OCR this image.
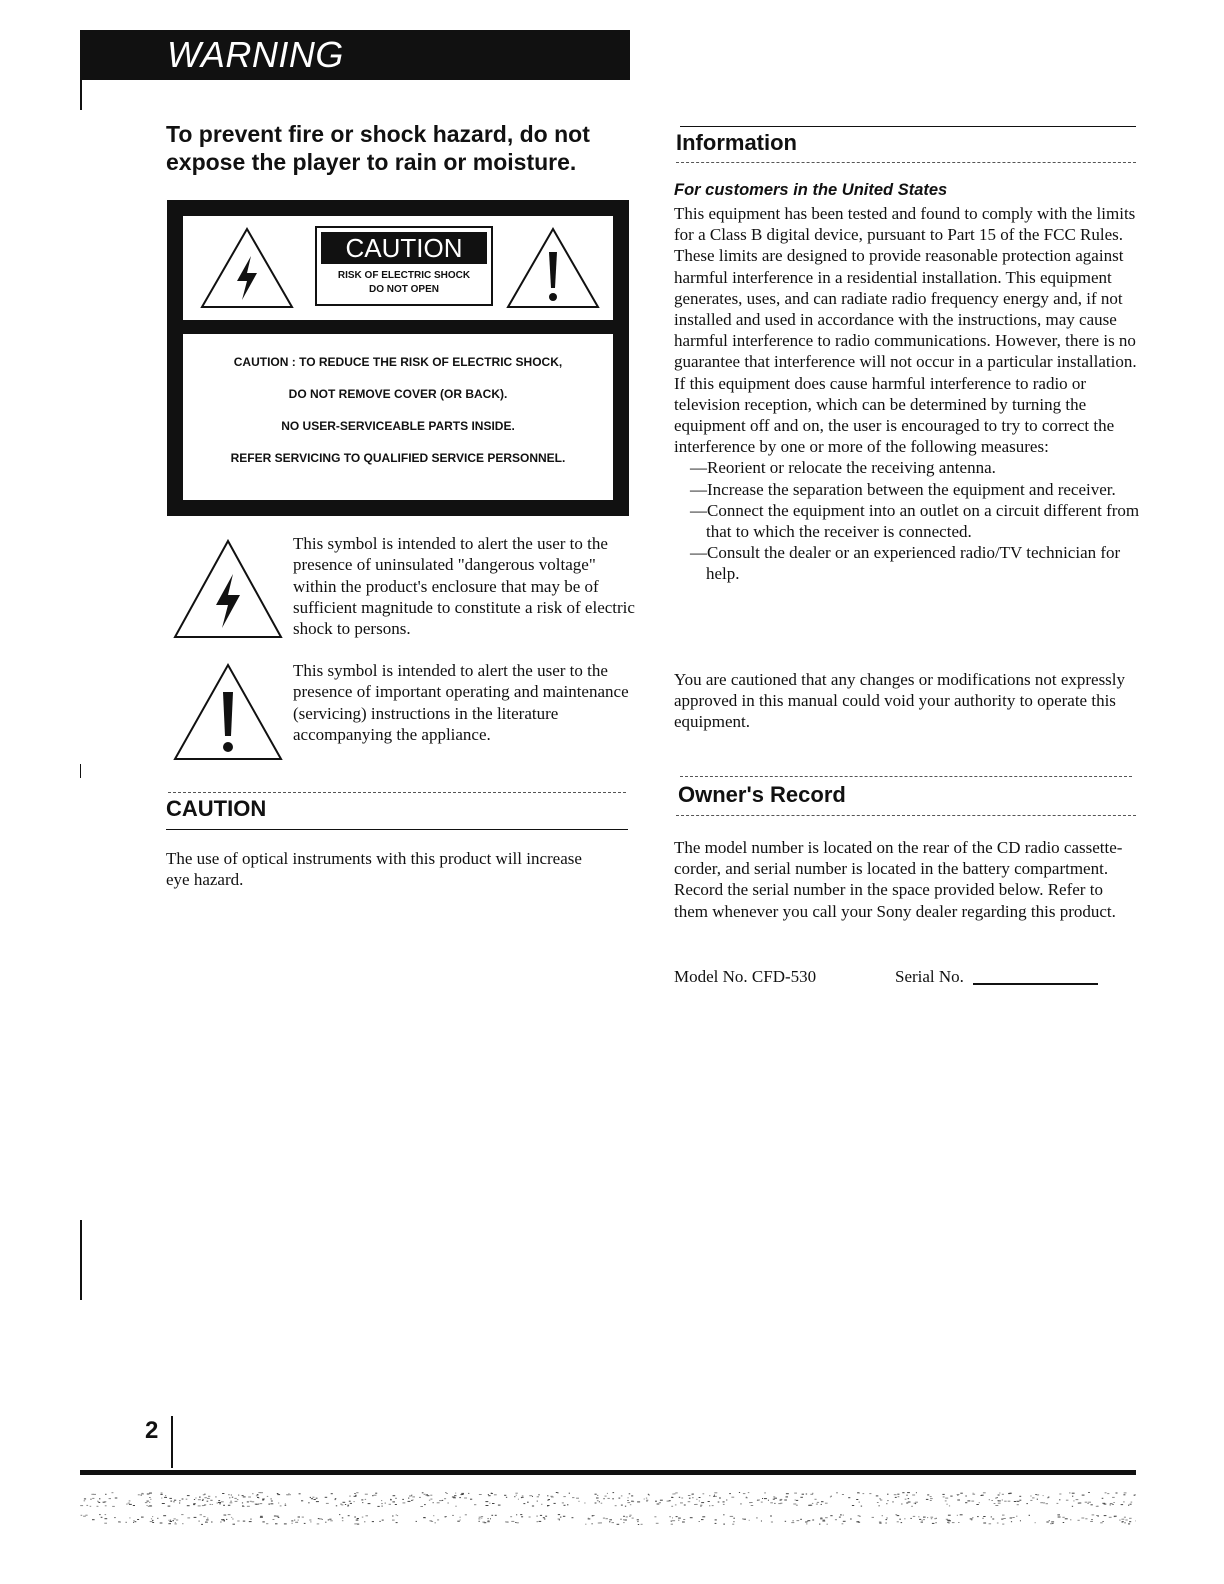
WARNING
To prevent fire or shock hazard, do not expose the player to rain or moisture.
CAUTION
RISK OF ELECTRIC SHOCK
DO NOT OPEN
CAUTION : TO REDUCE THE RISK OF ELECTRIC SHOCK,
DO NOT REMOVE COVER (OR BACK).
NO USER-SERVICEABLE PARTS INSIDE.
REFER SERVICING TO QUALIFIED SERVICE PERSONNEL.
This symbol is intended to alert the user to the presence of uninsulated "dangerous voltage" within the product's enclosure that may be of sufficient magnitude to constitute a risk of electric shock to persons.
This symbol is intended to alert the user to the presence of important operating and maintenance (servicing) instructions in the literature accompanying the appliance.
CAUTION
The use of optical instruments with this product will increase eye hazard.
Information
For customers in the United States
This equipment has been tested and found to comply with the limits for a Class B digital device, pursuant to Part 15 of the FCC Rules. These limits are designed to provide reasonable protection against harmful interference in a residential installation. This equipment generates, uses, and can radiate radio frequency energy and, if not installed and used in accordance with the instructions, may cause harmful interference to radio communications. However, there is no guarantee that interference will not occur in a particular installation. If this equipment does cause harmful interference to radio or television reception, which can be determined by turning the equipment off and on, the user is encouraged to try to correct the interference by one or more of the following measures:
—Reorient or relocate the receiving antenna.
—Increase the separation between the equipment and receiver.
—Connect the equipment into an outlet on a circuit different from that to which the receiver is connected.
—Consult the dealer or an experienced radio/TV technician for help.
You are cautioned that any changes or modifications not expressly approved in this manual could void your authority to operate this equipment.
Owner's Record
The model number is located on the rear of the CD radio cassette-corder, and serial number is located in the battery compartment. Record the serial number in the space provided below. Refer to them whenever you call your Sony dealer regarding this product.
Model No. CFD-530	Serial No.
2
